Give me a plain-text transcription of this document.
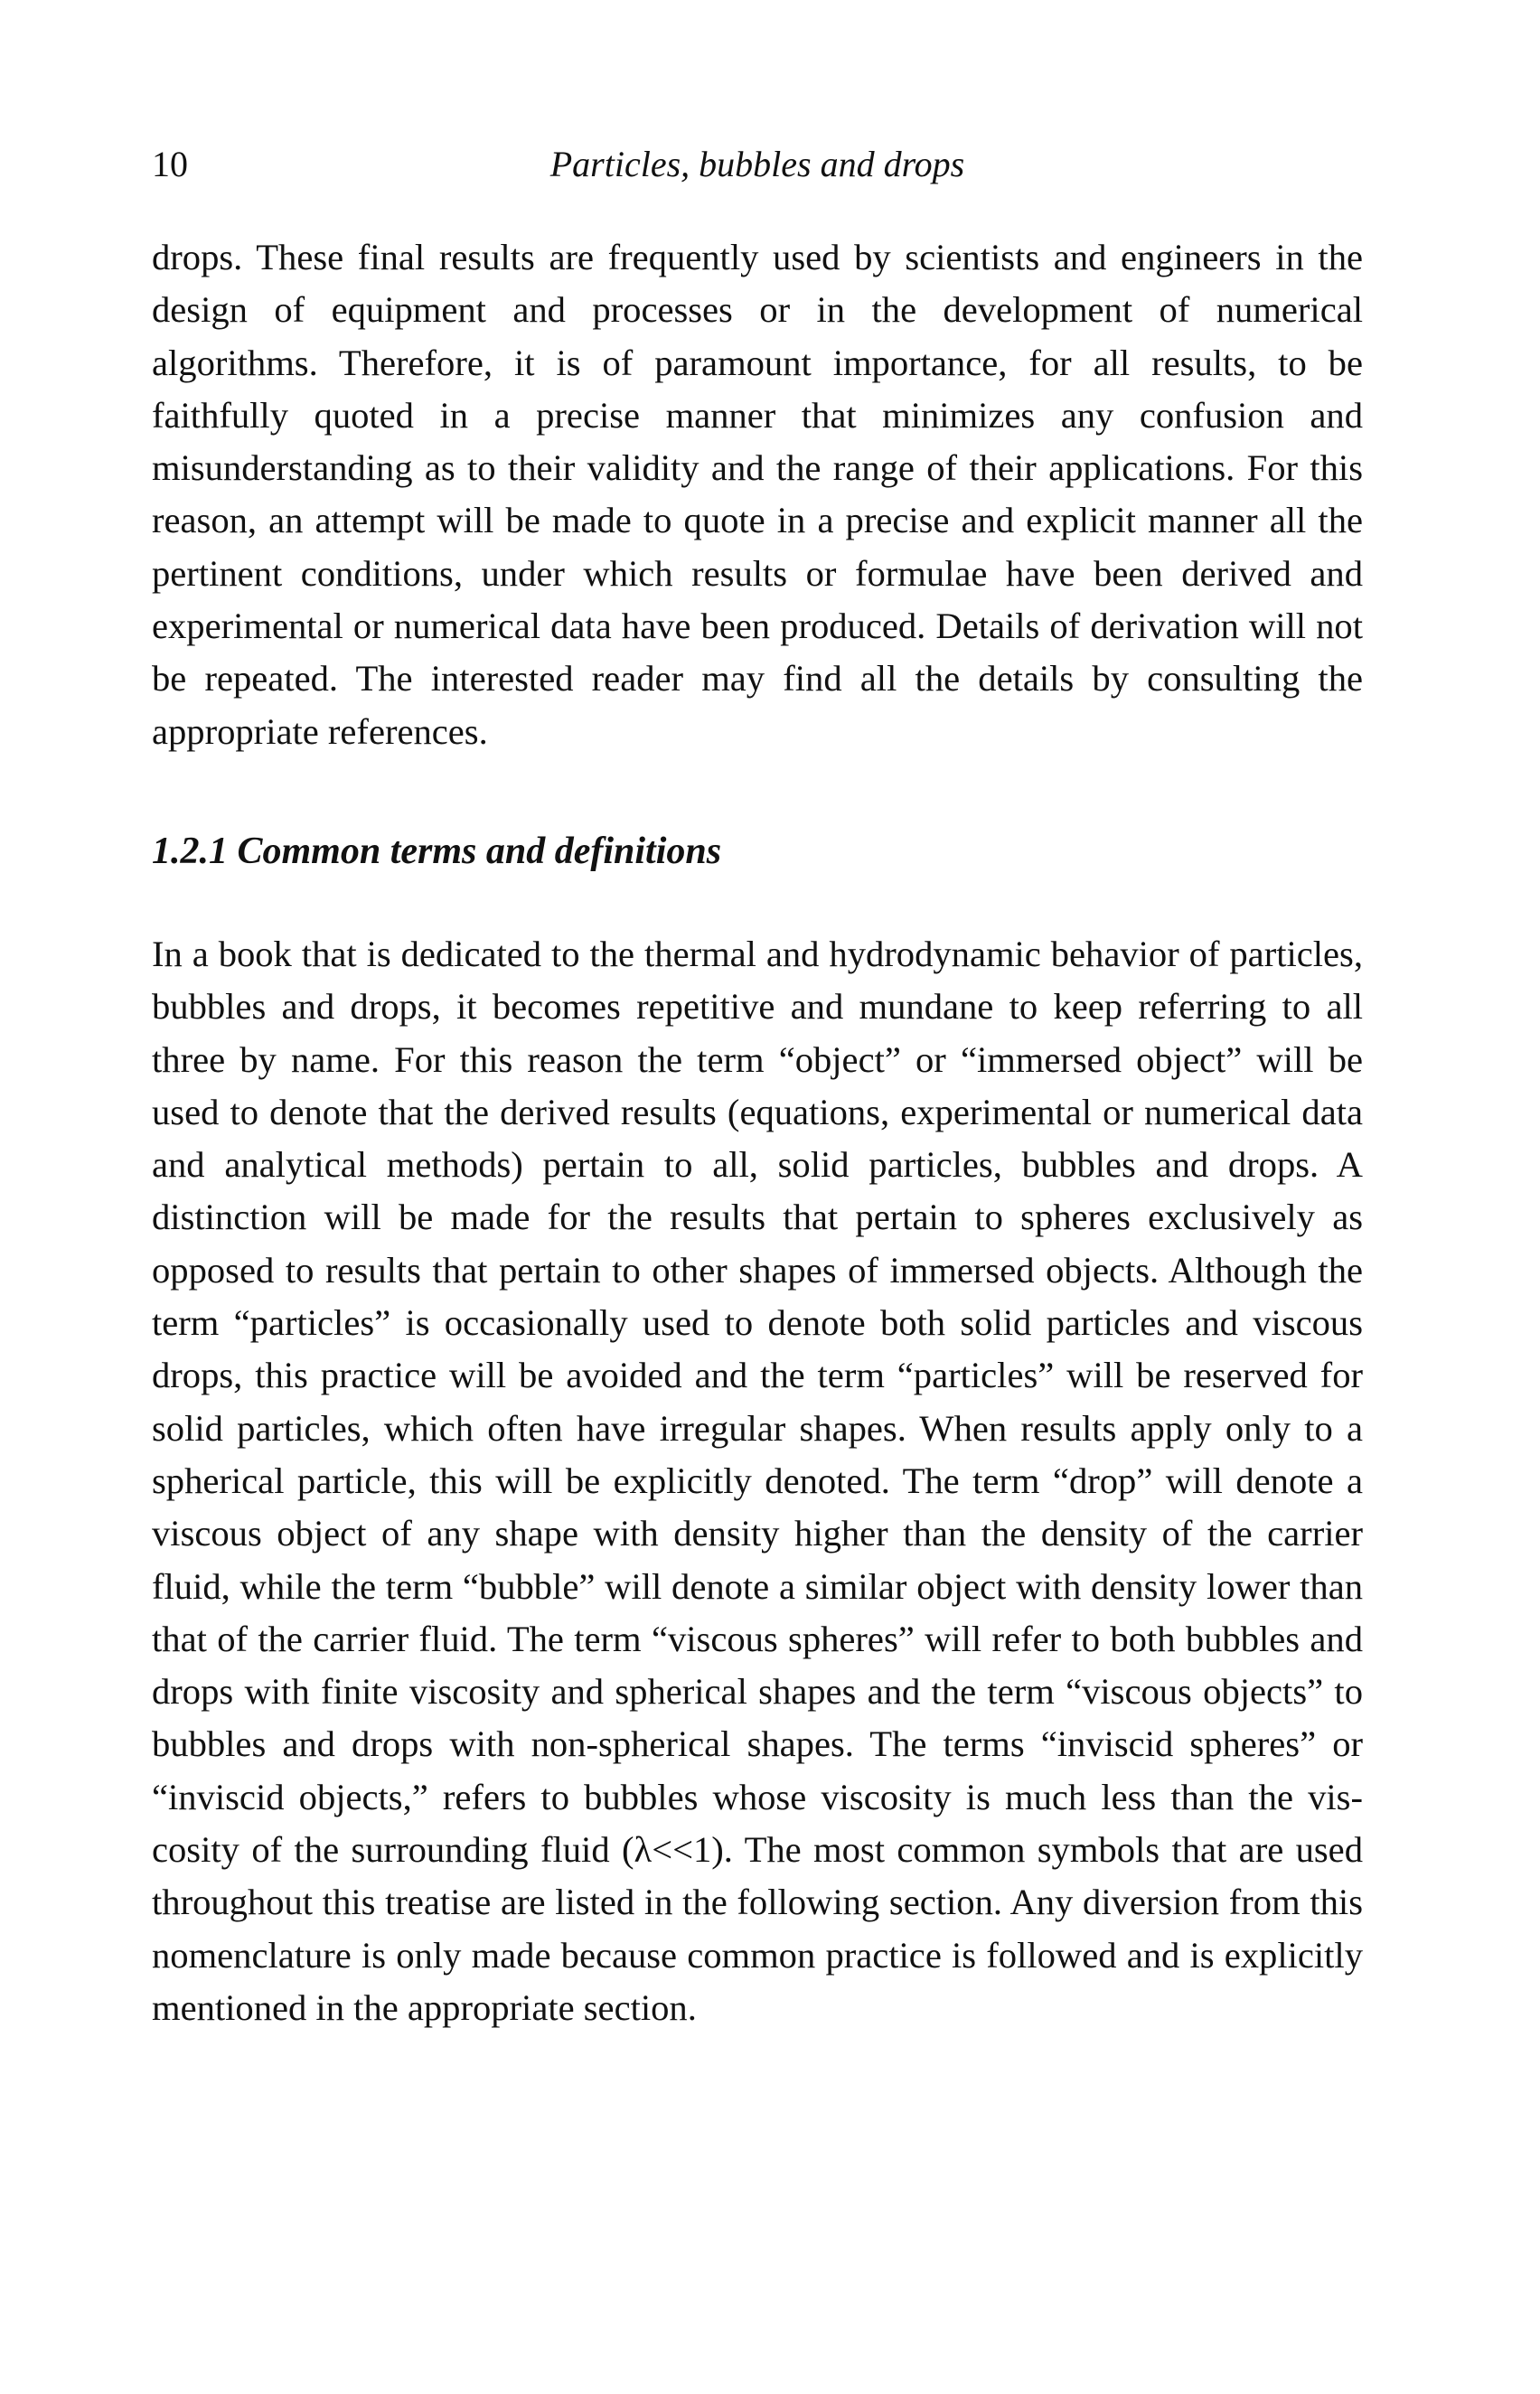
10	Particles, bubbles and drops

drops. These final results are frequently used by scientists and engineers in the design of equipment and processes or in the development of numerical algorithms. Therefore, it is of paramount importance, for all results, to be faithfully quoted in a precise manner that minimizes any confusion and misunderstanding as to their validity and the range of their applications. For this reason, an attempt will be made to quote in a precise and explicit manner all the pertinent conditions, under which results or formulae have been derived and experimental or numerical data have been produced. Details of derivation will not be repeated. The interested reader may find all the details by consulting the appropriate references.

1.2.1 Common terms and definitions

In a book that is dedicated to the thermal and hydrodynamic behavior of particles, bubbles and drops, it becomes repetitive and mundane to keep referring to all three by name. For this reason the term “object” or “immersed object” will be used to denote that the derived results (equations, experimental or numerical data and analytical methods) pertain to all, solid particles, bubbles and drops. A distinction will be made for the results that pertain to spheres exclusively as opposed to results that pertain to other shapes of immersed objects. Although the term “particles” is occasionally used to denote both solid particles and viscous drops, this practice will be avoided and the term “particles” will be reserved for solid particles, which often have irregular shapes. When results apply only to a spherical particle, this will be explicitly denoted. The term “drop” will denote a viscous object of any shape with density higher than the density of the carrier fluid, while the term “bubble” will denote a similar object with density lower than that of the carrier fluid. The term “viscous spheres” will refer to both bubbles and drops with finite viscosity and spherical shapes and the term “viscous objects” to bubbles and drops with non-spherical shapes. The terms “inviscid spheres” or “inviscid objects,” refers to bubbles whose viscosity is much less than the viscosity of the surrounding fluid (λ<<1). The most common symbols that are used throughout this treatise are listed in the following section. Any diversion from this nomenclature is only made because common practice is followed and is explicitly mentioned in the appropriate section.
